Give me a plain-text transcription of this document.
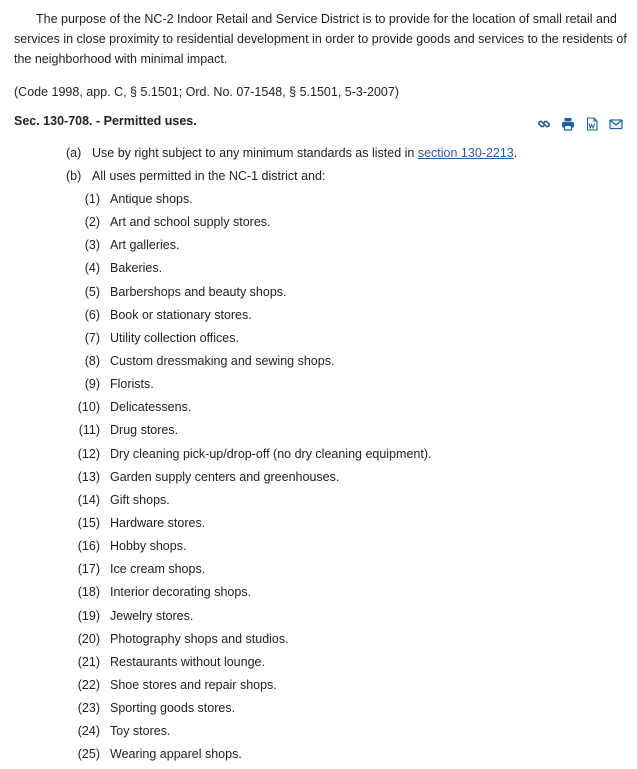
The purpose of the NC-2 Indoor Retail and Service District is to provide for the location of small retail and services in close proximity to residential development in order to provide goods and services to the residents of the neighborhood with minimal impact.

(Code 1998, app. C, § 5.1501; Ord. No. 07-1548, § 5.1501, 5-3-2007)

Sec. 130-708. - Permitted uses.

(a) Use by right subject to any minimum standards as listed in section 130-2213.

(b) All uses permitted in the NC-1 district and:

(1) Antique shops.
(2) Art and school supply stores.
(3) Art galleries.
(4) Bakeries.
(5) Barbershops and beauty shops.
(6) Book or stationary stores.
(7) Utility collection offices.
(8) Custom dressmaking and sewing shops.
(9) Florists.
(10) Delicatessens.
(11) Drug stores.
(12) Dry cleaning pick-up/drop-off (no dry cleaning equipment).
(13) Garden supply centers and greenhouses.
(14) Gift shops.
(15) Hardware stores.
(16) Hobby shops.
(17) Ice cream shops.
(18) Interior decorating shops.
(19) Jewelry stores.
(20) Photography shops and studios.
(21) Restaurants without lounge.
(22) Shoe stores and repair shops.
(23) Sporting goods stores.
(24) Toy stores.
(25) Wearing apparel shops.
